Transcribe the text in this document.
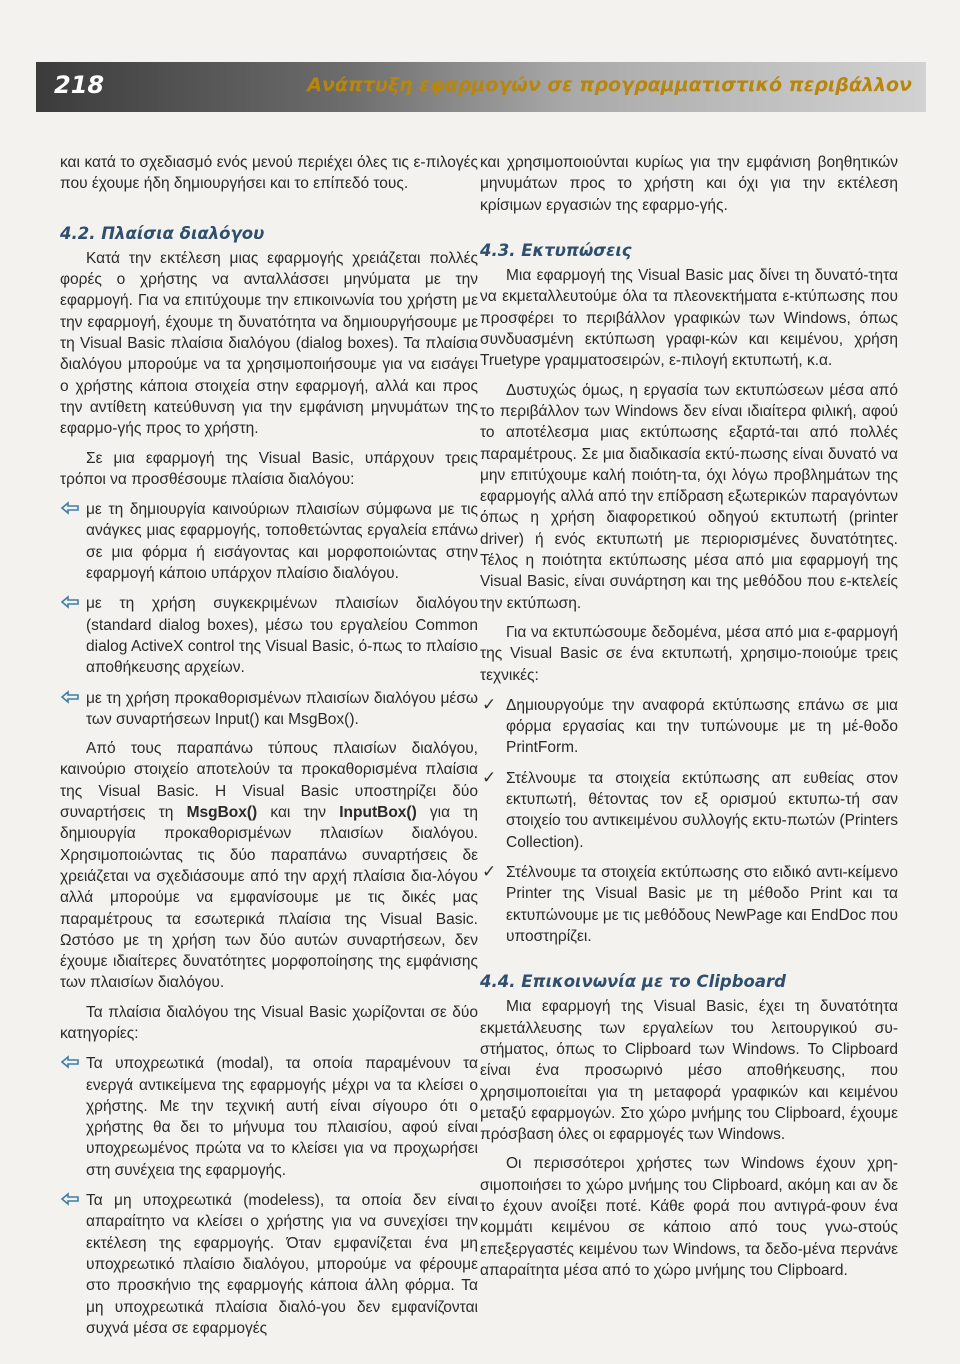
218	Ανάπτυξη εφαρμογών σε προγραμματιστικό περιβάλλον

και κατά το σχεδιασμό ενός μενού περιέχει όλες τις ε-πιλογές που έχουμε ήδη δημιουργήσει και το επίπεδό τους.

4.2. Πλαίσια διαλόγου

Κατά την εκτέλεση μιας εφαρμογής χρειάζεται πολλές φορές ο χρήστης να ανταλλάσσει μηνύματα με την εφαρμογή. Για να επιτύχουμε την επικοινωνία του χρήστη με την εφαρμογή, έχουμε τη δυνατότητα να δημιουργήσουμε με τη Visual Basic πλαίσια διαλόγου (dialog boxes). Τα πλαίσια διαλόγου μπορούμε να τα χρησιμοποιήσουμε για να εισάγει ο χρήστης κάποια στοιχεία στην εφαρμογή, αλλά και προς την αντίθετη κατεύθυνση για την εμφάνιση μηνυμάτων της εφαρμο-γής προς το χρήστη.

Σε μια εφαρμογή της Visual Basic, υπάρχουν τρεις τρόποι να προσθέσουμε πλαίσια διαλόγου:

με τη δημιουργία καινούριων πλαισίων σύμφωνα με τις ανάγκες μιας εφαρμογής, τοποθετώντας εργαλεία επάνω σε μια φόρμα ή εισάγοντας και μορφοποιώντας στην εφαρμογή κάποιο υπάρχον πλαίσιο διαλόγου.
με τη χρήση συγκεκριμένων πλαισίων διαλόγου (standard dialog boxes), μέσω του εργαλείου Common dialog ActiveX control της Visual Basic, ό-πως το πλαίσιο αποθήκευσης αρχείων.
με τη χρήση προκαθορισμένων πλαισίων διαλόγου μέσω των συναρτήσεων Input() και MsgBox().

Από τους παραπάνω τύπους πλαισίων διαλόγου, καινούριο στοιχείο αποτελούν τα προκαθορισμένα πλαίσια της Visual Basic. Η Visual Basic υποστηρίζει δύο συναρτήσεις τη MsgBox() και την InputBox() για τη δημιουργία προκαθορισμένων πλαισίων διαλόγου. Χρησιμοποιώντας τις δύο παραπάνω συναρτήσεις δε χρειάζεται να σχεδιάσουμε από την αρχή πλαίσια δια-λόγου αλλά μπορούμε να εμφανίσουμε με τις δικές μας παραμέτρους τα εσωτερικά πλαίσια της Visual Basic. Ωστόσο με τη χρήση των δύο αυτών συναρτήσεων, δεν έχουμε ιδιαίτερες δυνατότητες μορφοποίησης της εμφάνισης των πλαισίων διαλόγου.

Τα πλαίσια διαλόγου της Visual Basic χωρίζονται σε δύο κατηγορίες:

Τα υποχρεωτικά (modal), τα οποία παραμένουν τα ενεργά αντικείμενα της εφαρμογής μέχρι να τα κλείσει ο χρήστης. Με την τεχνική αυτή είναι σίγουρο ότι ο χρήστης θα δει το μήνυμα του πλαισίου, αφού είναι υποχρεωμένος πρώτα να το κλείσει για να προχωρήσει στη συνέχεια της εφαρμογής.
Τα μη υποχρεωτικά (modeless), τα οποία δεν είναι απαραίτητο να κλείσει ο χρήστης για να συνεχίσει την εκτέλεση της εφαρμογής. Όταν εμφανίζεται ένα μη υποχρεωτικό πλαίσιο διαλόγου, μπορούμε να φέρουμε στο προσκήνιο της εφαρμογής κάποια άλλη φόρμα. Τα μη υποχρεωτικά πλαίσια διαλό-γου δεν εμφανίζονται συχνά μέσα σε εφαρμογές

και χρησιμοποιούνται κυρίως για την εμφάνιση βοηθητικών μηνυμάτων προς το χρήστη και όχι για την εκτέλεση κρίσιμων εργασιών της εφαρμο-γής.

4.3. Εκτυπώσεις

Μια εφαρμογή της Visual Basic μας δίνει τη δυνατό-τητα να εκμεταλλευτούμε όλα τα πλεονεκτήματα ε-κτύπωσης που προσφέρει το περιβάλλον γραφικών των Windows, όπως συνδυασμένη εκτύπωση γραφι-κών και κειμένου, χρήση Truetype γραμματοσειρών, ε-πιλογή εκτυπωτή, κ.α.

Δυστυχώς όμως, η εργασία των εκτυπώσεων μέσα από το περιβάλλον των Windows δεν είναι ιδιαίτερα φιλική, αφού το αποτέλεσμα μιας εκτύπωσης εξαρτά-ται από πολλές παραμέτρους. Σε μια διαδικασία εκτύ-πωσης είναι δυνατό να μην επιτύχουμε καλή ποιότη-τα, όχι λόγω προβλημάτων της εφαρμογής αλλά από την επίδραση εξωτερικών παραγόντων όπως η χρήση διαφορετικού οδηγού εκτυπωτή (printer driver) ή ενός εκτυπωτή με περιορισμένες δυνατότητες. Τέλος η ποιότητα εκτύπωσης μέσα από μια εφαρμογή της Visual Basic, είναι συνάρτηση και της μεθόδου που ε-κτελείς την εκτύπωση.

Για να εκτυπώσουμε δεδομένα, μέσα από μια ε-φαρμογή της Visual Basic σε ένα εκτυπωτή, χρησιμο-ποιούμε τρεις τεχνικές:

✓ Δημιουργούμε την αναφορά εκτύπωσης επάνω σε μια φόρμα εργασίας και την τυπώνουμε με τη μέ-θοδο PrintForm.
✓ Στέλνουμε τα στοιχεία εκτύπωσης απ ευθείας στον εκτυπωτή, θέτοντας τον εξ ορισμού εκτυπω-τή σαν στοιχείο του αντικειμένου συλλογής εκτυ-πωτών (Printers Collection).
✓ Στέλνουμε τα στοιχεία εκτύπωσης στο ειδικό αντι-κείμενο Printer της Visual Basic με τη μέθοδο Print και τα εκτυπώνουμε με τις μεθόδους NewPage και EndDoc που υποστηρίζει.

4.4. Επικοινωνία με το Clipboard

Μια εφαρμογή της Visual Basic, έχει τη δυνατότητα εκμετάλλευσης των εργαλείων του λειτουργικού συ-στήματος, όπως το Clipboard των Windows. Το Clipboard είναι ένα προσωρινό μέσο αποθήκευσης, που χρησιμοποιείται για τη μεταφορά γραφικών και κειμένου μεταξύ εφαρμογών. Στο χώρο μνήμης του Clipboard, έχουμε πρόσβαση όλες οι εφαρμογές των Windows.

Οι περισσότεροι χρήστες των Windows έχουν χρη-σιμοποιήσει το χώρο μνήμης του Clipboard, ακόμη και αν δε το έχουν ανοίξει ποτέ. Κάθε φορά που αντιγρά-φουν ένα κομμάτι κειμένου σε κάποιο από τους γνω-στούς επεξεργαστές κειμένου των Windows, τα δεδο-μένα περνάνε απαραίτητα μέσα από το χώρο μνήμης του Clipboard.
